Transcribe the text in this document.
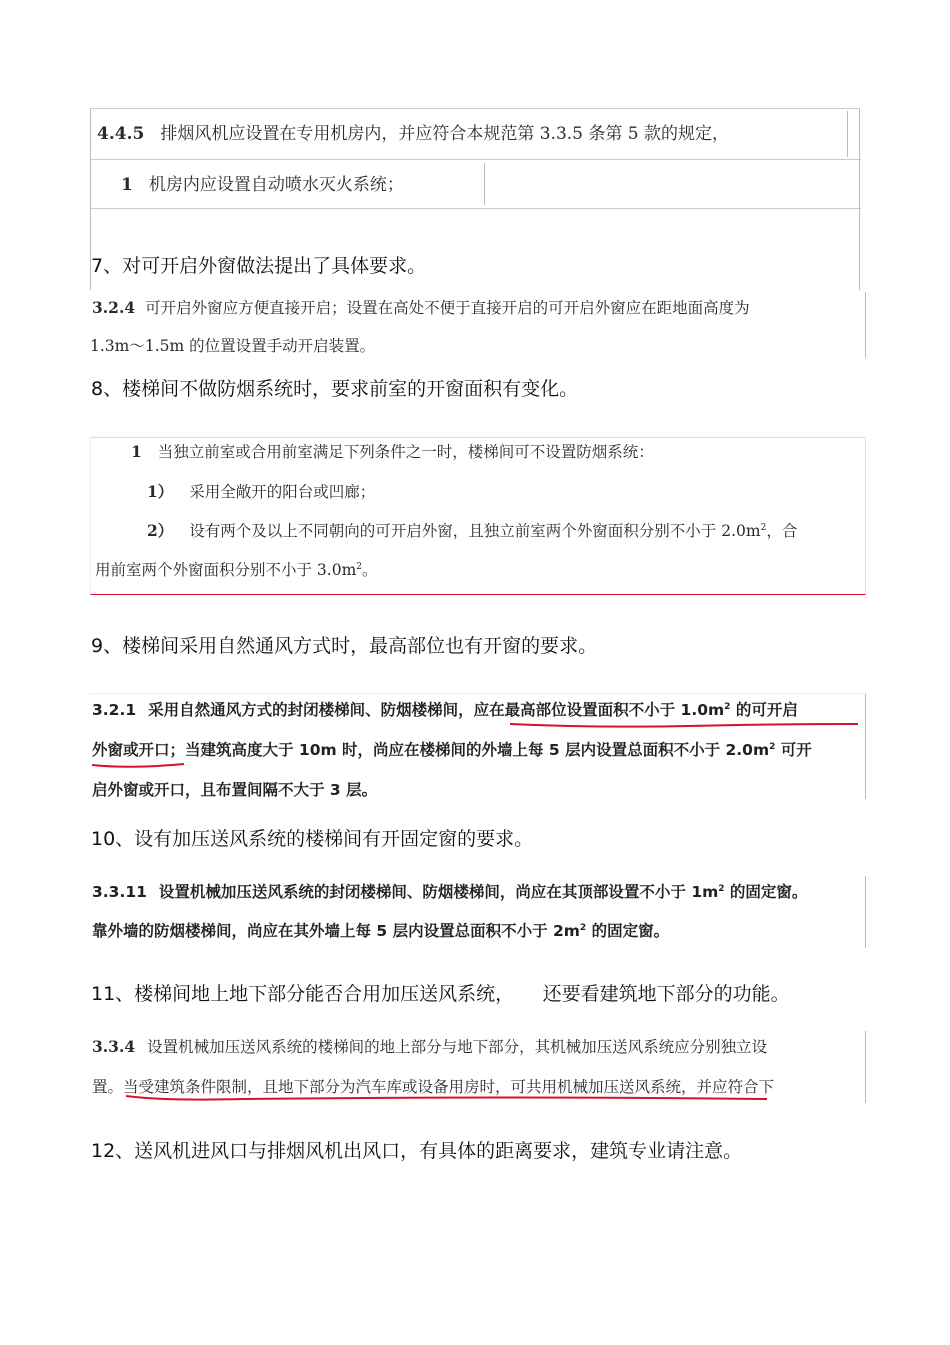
4.4.5 排烟风机应设置在专用机房内，并应符合本规范第 3.3.5 条第 5 款的规定，
1 机房内应设置自动喷水灭火系统；
7、对可开启外窗做法提出了具体要求。
3.2.4 可开启外窗应方便直接开启；设置在高处不便于直接开启的可开启外窗应在距地面高度为
1.3m～1.5m 的位置设置手动开启装置。
8、楼梯间不做防烟系统时，要求前室的开窗面积有变化。
1 当独立前室或合用前室满足下列条件之一时，楼梯间可不设置防烟系统：
1） 采用全敞开的阳台或凹廊；
2） 设有两个及以上不同朝向的可开启外窗，且独立前室两个外窗面积分别不小于 $2.0m^2$，合
用前室两个外窗面积分别不小于 $3.0m^2$。
9、楼梯间采用自然通风方式时，最高部位也有开窗的要求。
3.2.1 采用自然通风方式的封闭楼梯间、防烟楼梯间，应在最高部位设置面积不小于 $1.0m^2$ 的可开启
外窗或开口；当建筑高度大于 10m 时，尚应在楼梯间的外墙上每 5 层内设置总面积不小于 $2.0m^2$ 可开
启外窗或开口，且布置间隔不大于 3 层。
10、设有加压送风系统的楼梯间有开固定窗的要求。
3.3.11 设置机械加压送风系统的封闭楼梯间、防烟楼梯间，尚应在其顶部设置不小于 $1m^2$ 的固定窗。
靠外墙的防烟楼梯间，尚应在其外墙上每 5 层内设置总面积不小于 $2m^2$ 的固定窗。
11、楼梯间地上地下部分能否合用加压送风系统，　　还要看建筑地下部分的功能。
3.3.4 设置机械加压送风系统的楼梯间的地上部分与地下部分，其机械加压送风系统应分别独立设
置。当受建筑条件限制，且地下部分为汽车库或设备用房时，可共用机械加压送风系统，并应符合下
12、送风机进风口与排烟风机出风口，有具体的距离要求，建筑专业请注意。
